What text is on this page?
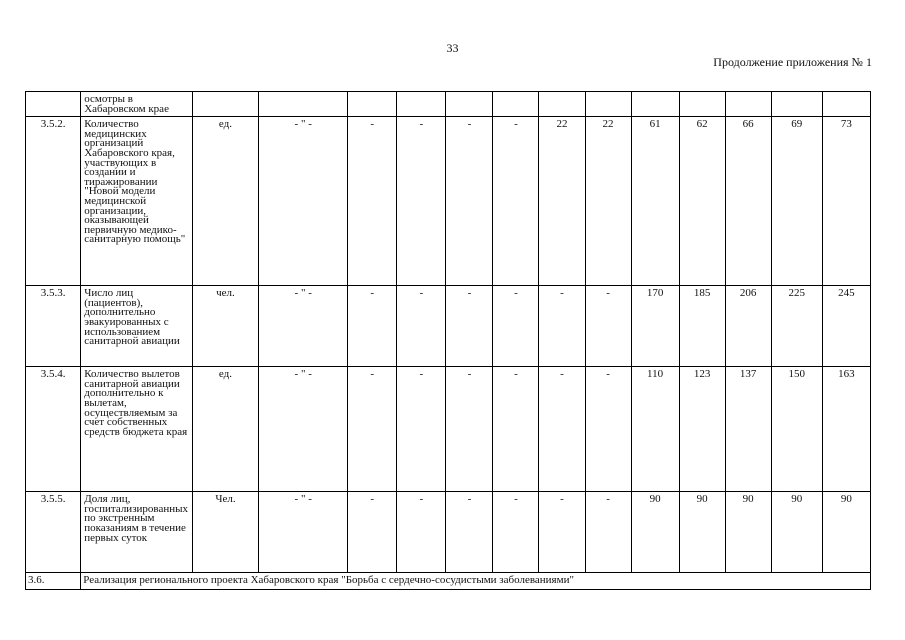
33
Продолжение приложения № 1
	осмотры в Хабаровском крае													
3.5.2.	Количество медицинских организаций Хабаровского края, участвующих в создании и тиражировании "Новой модели медицинской организации, оказывающей первичную медико-санитарную помощь"	ед.	- " -	-	-	-	-	22	22	61	62	66	69	73
3.5.3.	Число лиц (пациентов), дополнительно эвакуированных с использованием санитарной авиации	чел.	- " -	-	-	-	-	-	-	170	185	206	225	245
3.5.4.	Количество вылетов санитарной авиации дополнительно к вылетам, осуществляемым за счет собственных средств бюджета края	ед.	- " -	-	-	-	-	-	-	110	123	137	150	163
3.5.5.	Доля лиц, госпитализированных по экстренным показаниям в течение первых суток	Чел.	- " -	-	-	-	-	-	-	90	90	90	90	90
3.6.	Реализация регионального проекта Хабаровского края "Борьба с сердечно-сосудистыми заболеваниями"													
